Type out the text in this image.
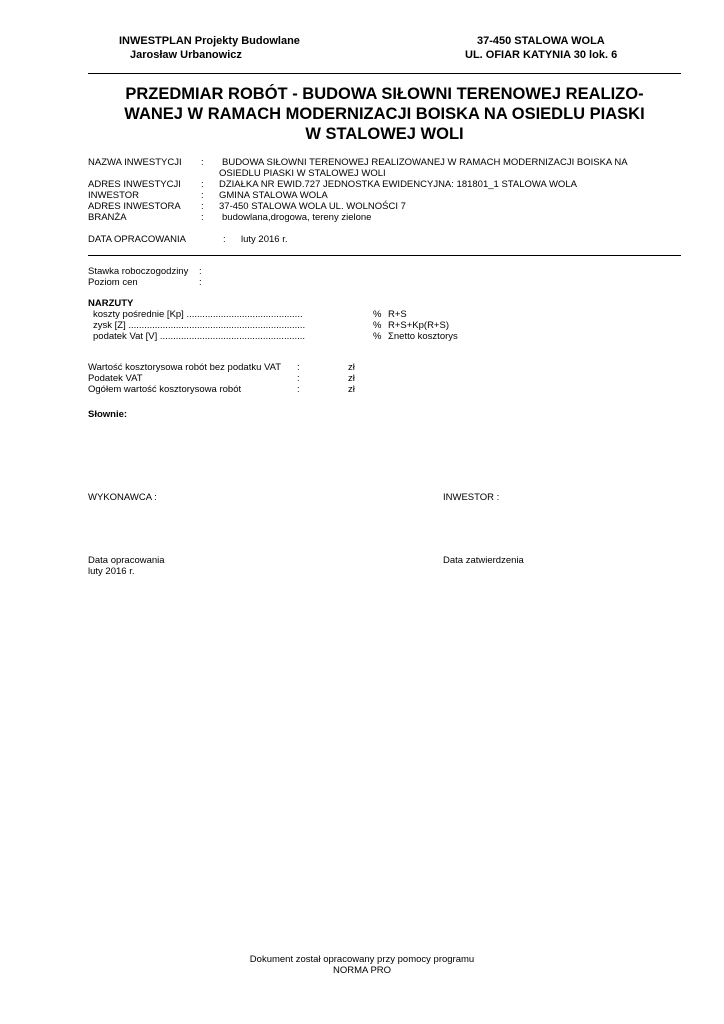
INWESTPLAN Projekty Budowlane
Jarosław Urbanowicz
37-450 STALOWA WOLA
UL. OFIAR KATYNIA 30 lok. 6
PRZEDMIAR ROBÓT - BUDOWA SIŁOWNI TERENOWEJ REALIZO-
WANEJ W RAMACH MODERNIZACJI BOISKA NA OSIEDLU PIASKI
W STALOWEJ WOLI
NAZWA INWESTYCJI : BUDOWA SIŁOWNI TERENOWEJ REALIZOWANEJ W RAMACH MODERNIZACJI BOISKA NA
OSIEDLU PIASKI W STALOWEJ WOLI
ADRES INWESTYCJI : DZIAŁKA NR EWID.727 JEDNOSTKA EWIDENCYJNA: 181801_1 STALOWA WOLA
INWESTOR	: GMINA STALOWA WOLA
ADRES INWESTORA : 37-450 STALOWA WOLA UL. WOLNOŚCI 7
BRANŻA	: budowlana,drogowa, tereny zielone
DATA OPRACOWANIA	: luty 2016 r.
Stawka roboczogodziny :
Poziom cen	:
NARZUTY
koszty pośrednie [Kp] ............................................	% R+S
zysk [Z] ...................................................................	% R+S+Kp(R+S)
podatek Vat [V] .......................................................	% Σnetto kosztorys
Wartość kosztorysowa robót bez podatku VAT :	zł
Podatek VAT	:	zł
Ogółem wartość kosztorysowa robót	:	zł
Słownie:
WYKONAWCA :	INWESTOR :
Data opracowania
luty 2016 r.
Data zatwierdzenia
Dokument został opracowany przy pomocy programu
NORMA PRO
